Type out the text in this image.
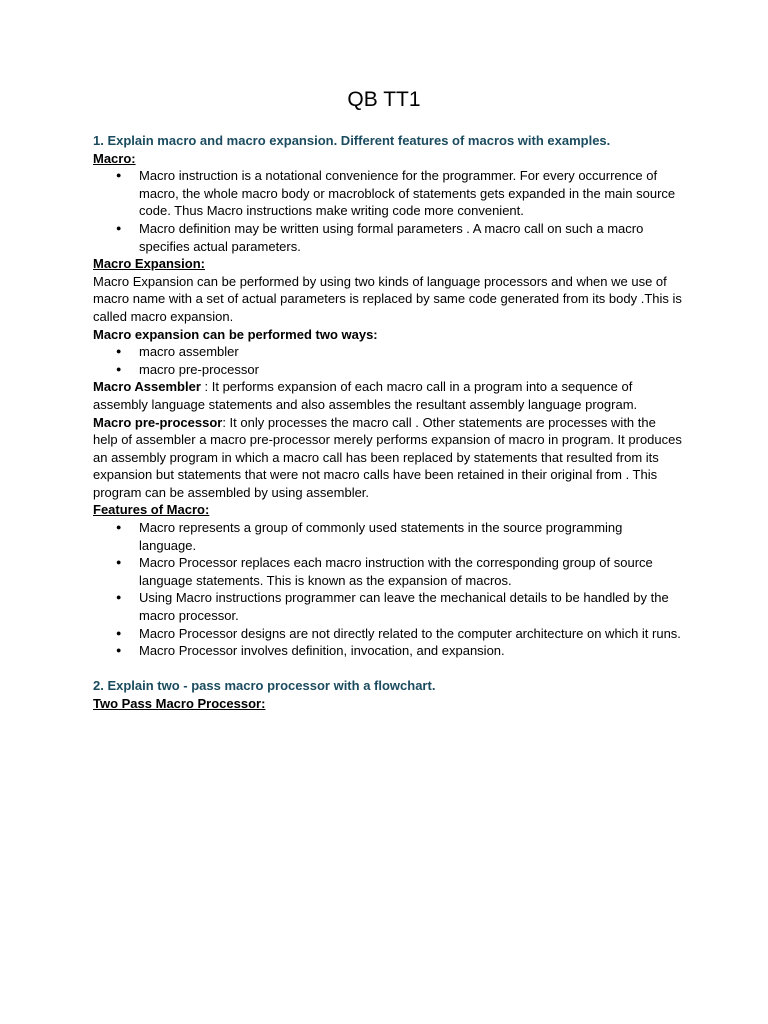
QB TT1

1. Explain macro and macro expansion. Different features of macros with examples.

Macro:

● Macro instruction is a notational convenience for the programmer. For every occurrence of macro, the whole macro body or macroblock of statements gets expanded in the main source code. Thus Macro instructions make writing code more convenient.
● Macro definition may be written using formal parameters . A macro call on such a macro specifies actual parameters.

Macro Expansion:

Macro Expansion can be performed by using two kinds of language processors and when we use of macro name with a set of actual parameters is replaced by same code generated from its body .This is called macro expansion.

Macro expansion can be performed two ways:

● macro assembler
● macro pre-processor

Macro Assembler : It performs expansion of each macro call in a program into a sequence of assembly language statements and also assembles the resultant assembly language program.

Macro pre-processor: It only processes the macro call . Other statements are processes with the help of assembler a macro pre-processor merely performs expansion of macro in program. It produces an assembly program in which a macro call has been replaced by statements that resulted from its expansion but statements that were not macro calls have been retained in their original from . This program can be assembled by using assembler.

Features of Macro:

● Macro represents a group of commonly used statements in the source programming language.
● Macro Processor replaces each macro instruction with the corresponding group of source language statements. This is known as the expansion of macros.
● Using Macro instructions programmer can leave the mechanical details to be handled by the macro processor.
● Macro Processor designs are not directly related to the computer architecture on which it runs.
● Macro Processor involves definition, invocation, and expansion.

2. Explain two - pass macro processor with a flowchart.

Two Pass Macro Processor:
